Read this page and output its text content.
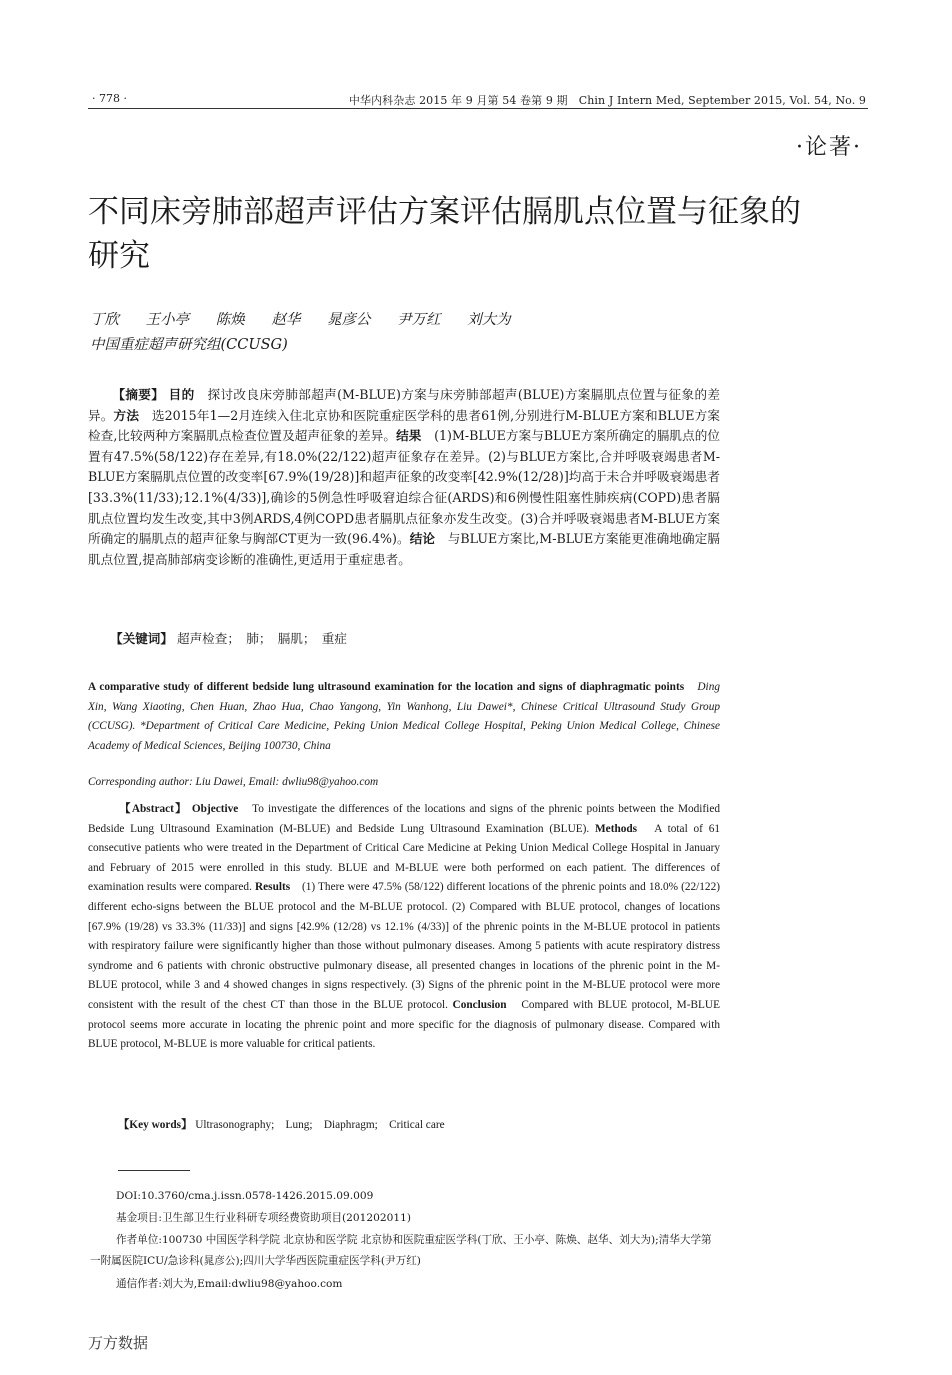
· 778 ·	中华内科杂志 2015 年 9 月第 54 卷第 9 期　Chin J Intern Med, September 2015, Vol. 54, No. 9
·论著·
不同床旁肺部超声评估方案评估膈肌点位置与征象的研究
丁欣 王小亭 陈焕 赵华 晁彦公 尹万红 刘大为
中国重症超声研究组(CCUSG)
【摘要】 目的　探讨改良床旁肺部超声(M-BLUE)方案与床旁肺部超声(BLUE)方案膈肌点位置与征象的差异。方法　选2015年1—2月连续入住北京协和医院重症医学科的患者61例,分别进行M-BLUE方案和BLUE方案检查,比较两种方案膈肌点检查位置及超声征象的差异。结果　(1)M-BLUE方案与BLUE方案所确定的膈肌点的位置有47.5%(58/122)存在差异,有18.0%(22/122)超声征象存在差异。(2)与BLUE方案比,合并呼吸衰竭患者M-BLUE方案膈肌点位置的改变率[67.9%(19/28)]和超声征象的改变率[42.9%(12/28)]均高于未合并呼吸衰竭患者[33.3%(11/33);12.1%(4/33)],确诊的5例急性呼吸窘迫综合征(ARDS)和6例慢性阻塞性肺疾病(COPD)患者膈肌点位置均发生改变,其中3例ARDS,4例COPD患者膈肌点征象亦发生改变。(3)合并呼吸衰竭患者M-BLUE方案所确定的膈肌点的超声征象与胸部CT更为一致(96.4%)。结论　与BLUE方案比,M-BLUE方案能更准确地确定膈肌点位置,提高肺部病变诊断的准确性,更适用于重症患者。
【关键词】 超声检查；　肺；　膈肌；　重症
A comparative study of different bedside lung ultrasound examination for the location and signs of diaphragmatic points　Ding Xin, Wang Xiaoting, Chen Huan, Zhao Hua, Chao Yangong, Yin Wanhong, Liu Dawei*, Chinese Critical Ultrasound Study Group (CCUSG). *Department of Critical Care Medicine, Peking Union Medical College Hospital, Peking Union Medical College, Chinese Academy of Medical Sciences, Beijing 100730, China
Corresponding author: Liu Dawei, Email: dwliu98@yahoo.com
【Abstract】 Objective　To investigate the differences of the locations and signs of the phrenic points between the Modified Bedside Lung Ultrasound Examination (M-BLUE) and Bedside Lung Ultrasound Examination (BLUE). Methods　A total of 61 consecutive patients who were treated in the Department of Critical Care Medicine at Peking Union Medical College Hospital in January and February of 2015 were enrolled in this study. BLUE and M-BLUE were both performed on each patient. The differences of examination results were compared. Results　(1) There were 47.5% (58/122) different locations of the phrenic points and 18.0% (22/122) different echo-signs between the BLUE protocol and the M-BLUE protocol. (2) Compared with BLUE protocol, changes of locations [67.9% (19/28) vs 33.3% (11/33)] and signs [42.9% (12/28) vs 12.1% (4/33)] of the phrenic points in the M-BLUE protocol in patients with respiratory failure were significantly higher than those without pulmonary diseases. Among 5 patients with acute respiratory distress syndrome and 6 patients with chronic obstructive pulmonary disease, all presented changes in locations of the phrenic point in the M-BLUE protocol, while 3 and 4 showed changes in signs respectively. (3) Signs of the phrenic point in the M-BLUE protocol were more consistent with the result of the chest CT than those in the BLUE protocol. Conclusion　Compared with BLUE protocol, M-BLUE protocol seems more accurate in locating the phrenic point and more specific for the diagnosis of pulmonary disease. Compared with BLUE protocol, M-BLUE is more valuable for critical patients.
【Key words】 Ultrasonography;　Lung;　Diaphragm;　Critical care
DOI:10.3760/cma.j.issn.0578-1426.2015.09.009
基金项目:卫生部卫生行业科研专项经费资助项目(201202011)
作者单位:100730 中国医学科学院 北京协和医学院 北京协和医院重症医学科(丁欣、王小亭、陈焕、赵华、刘大为);清华大学第一附属医院ICU/急诊科(晁彦公);四川大学华西医院重症医学科(尹万红)
通信作者:刘大为,Email:dwliu98@yahoo.com
万方数据
